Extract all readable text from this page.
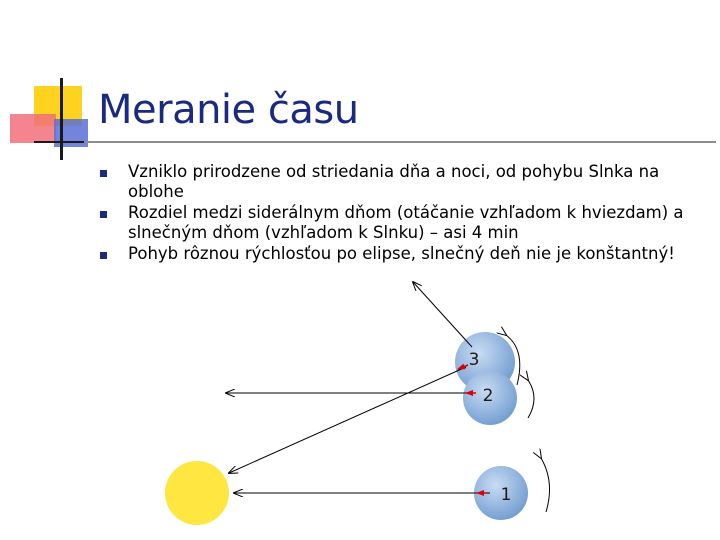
Meranie času
Vzniklo prirodzene od striedania dňa a noci, od pohybu Slnka na oblohe
Rozdiel medzi siderálnym dňom (otáčanie vzhľadom k hviezdam) a slnečným dňom (vzhľadom k Slnku) – asi 4 min
Pohyb rôznou rýchlosťou po elipse, slnečný deň nie je konštantný!
1
2
3
